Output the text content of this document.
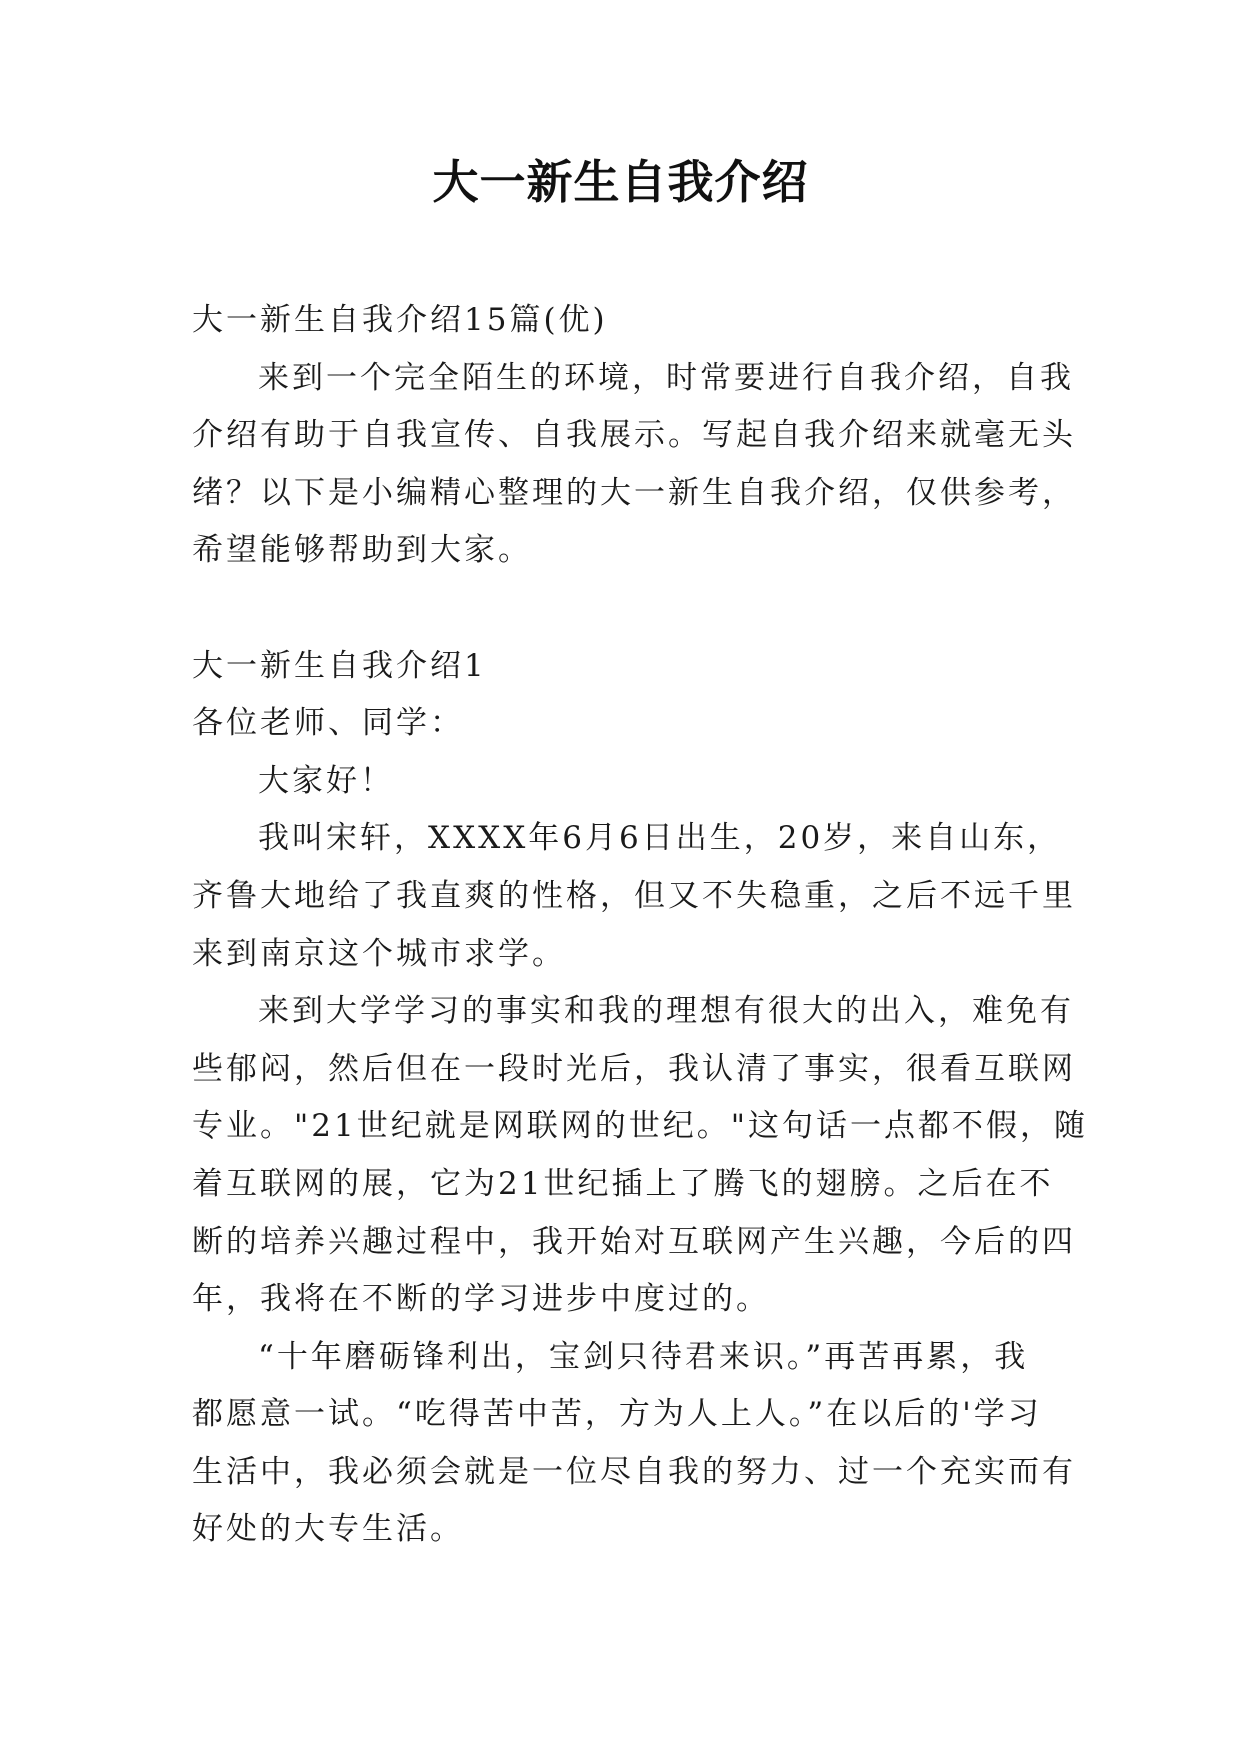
大一新生自我介绍
大一新生自我介绍15篇(优)
来到一个完全陌生的环境，时常要进行自我介绍，自我
介绍有助于自我宣传、自我展示。写起自我介绍来就毫无头
绪？以下是小编精心整理的大一新生自我介绍，仅供参考，
希望能够帮助到大家。
大一新生自我介绍1
各位老师、同学：
大家好！
我叫宋轩，XXXX年6月6日出生，20岁，来自山东，
齐鲁大地给了我直爽的性格，但又不失稳重，之后不远千里
来到南京这个城市求学。
来到大学学习的事实和我的理想有很大的出入，难免有
些郁闷，然后但在一段时光后，我认清了事实，很看互联网
专业。"21世纪就是网联网的世纪。"这句话一点都不假，随
着互联网的展，它为21世纪插上了腾飞的翅膀。之后在不
断的培养兴趣过程中，我开始对互联网产生兴趣，今后的四
年，我将在不断的学习进步中度过的。
“十年磨砺锋利出，宝剑只待君来识。”再苦再累，我
都愿意一试。“吃得苦中苦，方为人上人。”在以后的'学习
生活中，我必须会就是一位尽自我的努力、过一个充实而有
好处的大专生活。
